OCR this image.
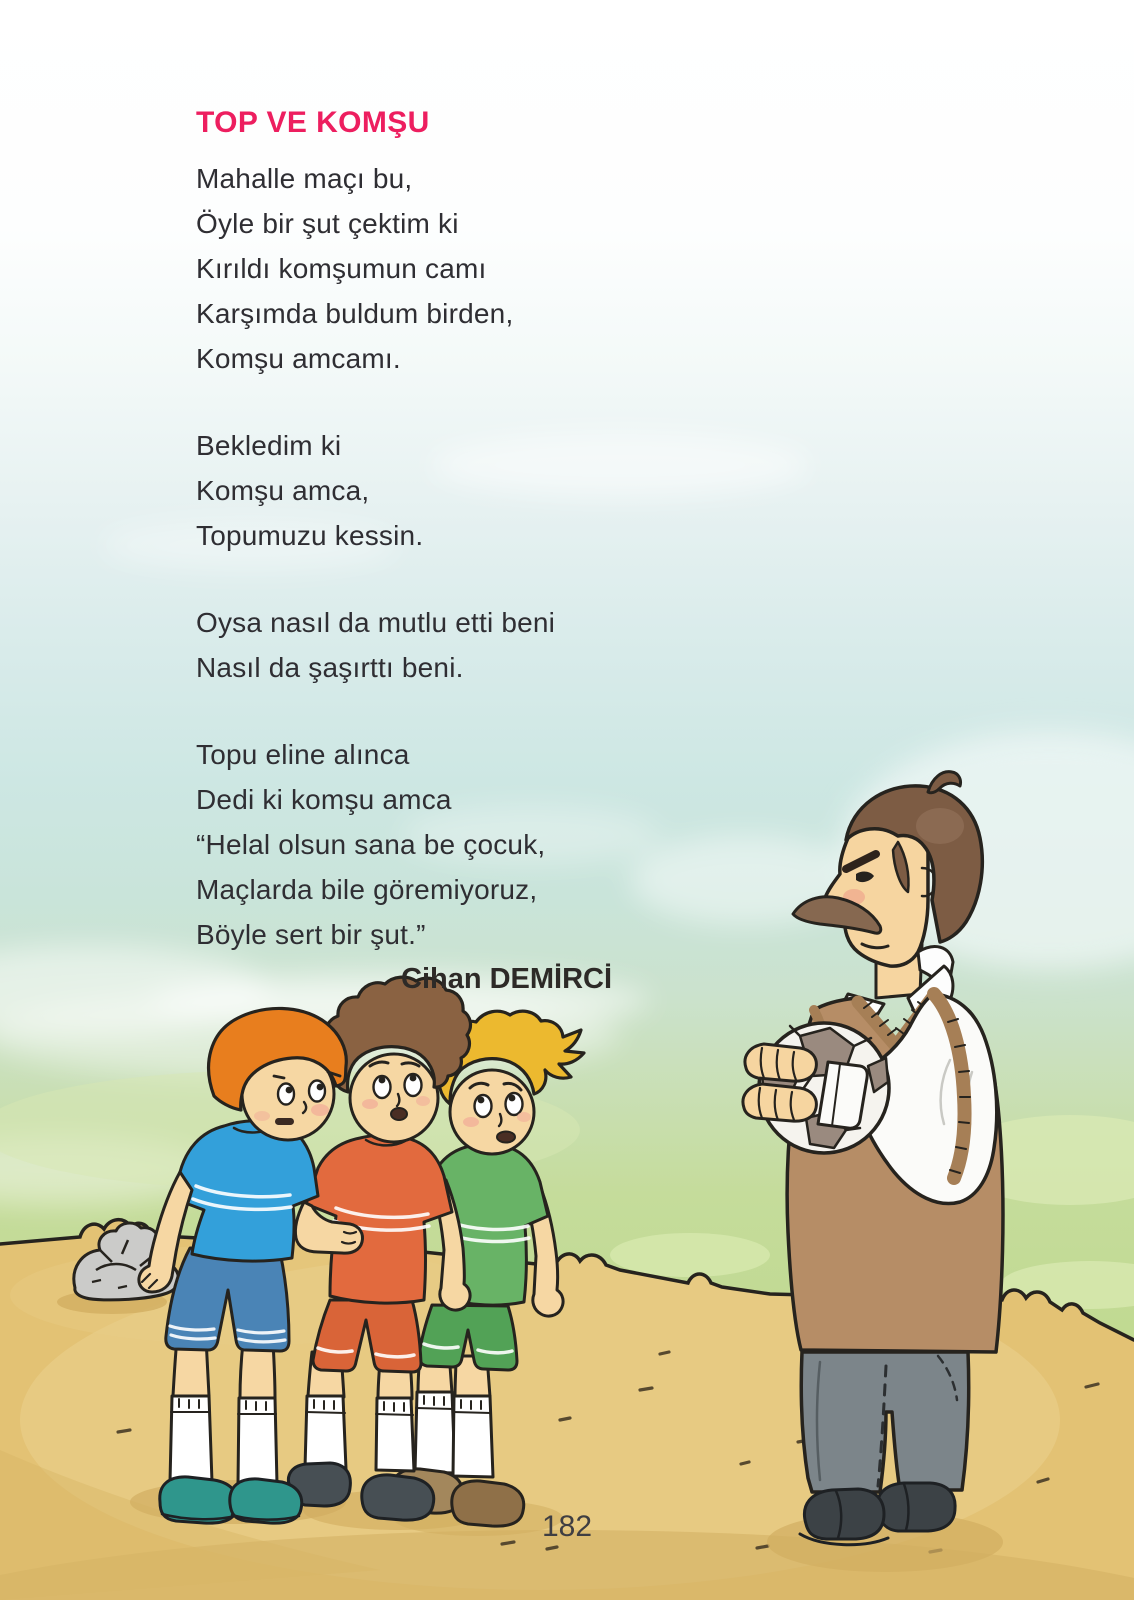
TOP VE KOMŞU

Mahalle maçı bu,

Öyle bir şut çektim ki

Kırıldı komşumun camı

Karşımda buldum birden,

Komşu amcamı.

Bekledim ki

Komşu amca,

Topumuzu kessin.

Oysa nasıl da mutlu etti beni

Nasıl da şaşırttı beni.

Topu eline alınca

Dedi ki komşu amca

“Helal olsun sana be çocuk,

Maçlarda bile göremiyoruz,

Böyle sert bir şut.”

Cihan DEMİRCİ
182
